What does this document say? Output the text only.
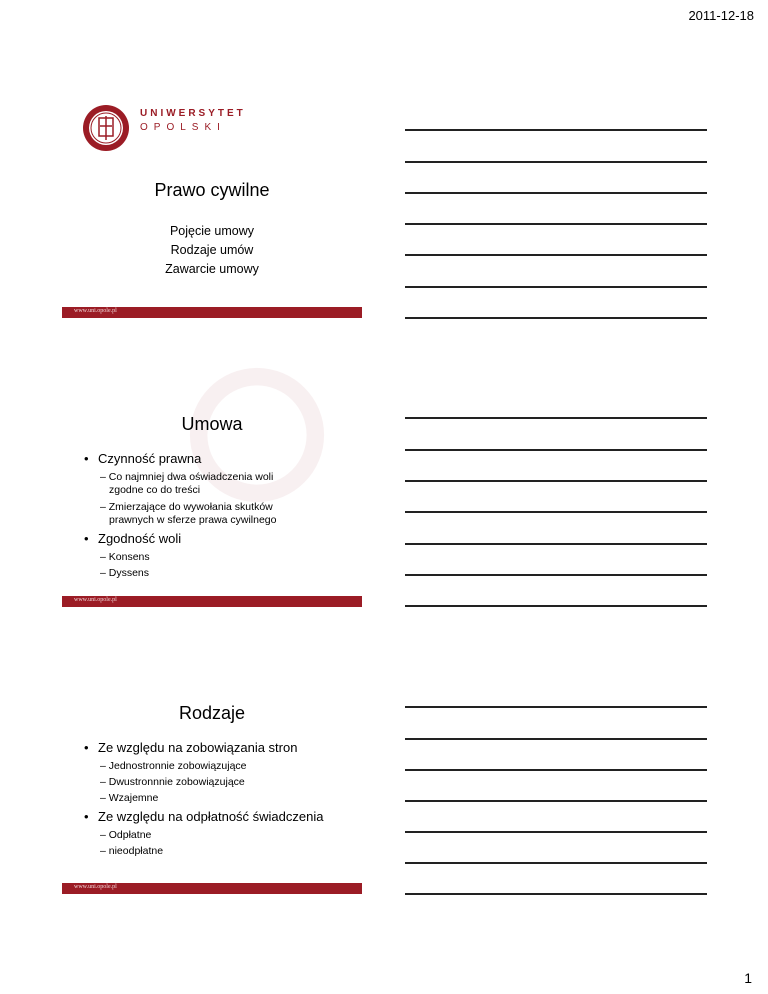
2011-12-18
UNIWERSYTET
OPOLSKI
Prawo cywilne
Pojęcie umowy
Rodzaje umów
Zawarcie umowy
www.uni.opole.pl
Umowa
• Czynność prawna
– Co najmniej dwa oświadczenia woli
zgodne co do treści
– Zmierzające do wywołania skutków
prawnych w sferze prawa cywilnego
• Zgodność woli
– Konsens
– Dyssens
www.uni.opole.pl
Rodzaje
• Ze względu na zobowiązania stron
– Jednostronnie zobowiązujące
– Dwustronnnie zobowiązujące
– Wzajemne
• Ze względu na odpłatność świadczenia
– Odpłatne
– nieodpłatne
www.uni.opole.pl
1
